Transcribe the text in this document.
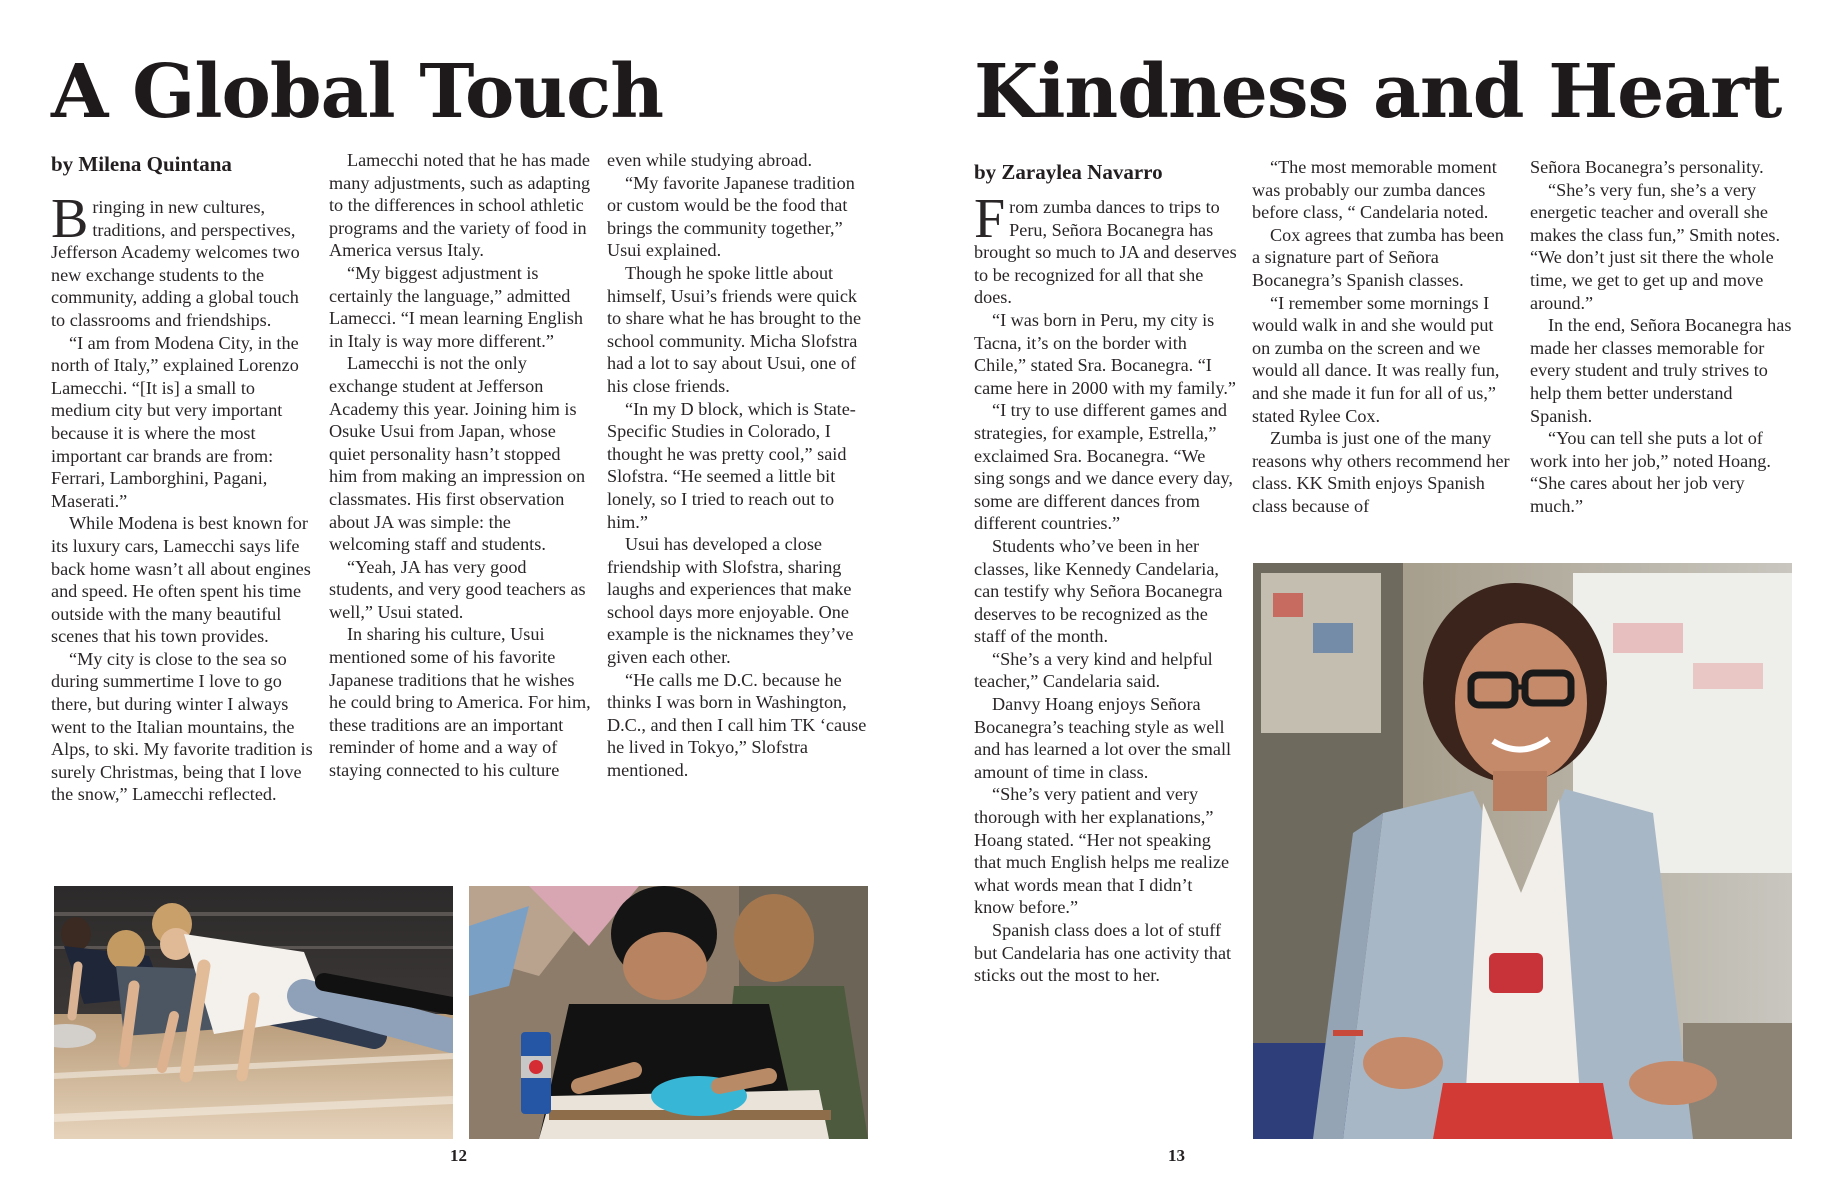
A Global Touch

by Milena Quintana

Bringing in new cultures, traditions, and perspectives, Jefferson Academy welcomes two new exchange students to the community, adding a global touch to classrooms and friendships.

“I am from Modena City, in the north of Italy,” explained Lorenzo Lamecchi. “[It is] a small to medium city but very important because it is where the most important car brands are from: Ferrari, Lamborghini, Pagani, Maserati.”

While Modena is best known for its luxury cars, Lamecchi says life back home wasn’t all about engines and speed. He often spent his time outside with the many beautiful scenes that his town provides.

“My city is close to the sea so during summertime I love to go there, but during winter I always went to the Italian mountains, the Alps, to ski. My favorite tradition is surely Christmas, being that I love the snow,” Lamecchi reflected.

Lamecchi noted that he has made many adjustments, such as adapting to the differences in school athletic programs and the variety of food in America versus Italy.

“My biggest adjustment is certainly the language,” admitted Lamecci. “I mean learning English in Italy is way more different.”

Lamecchi is not the only exchange student at Jefferson Academy this year. Joining him is Osuke Usui from Japan, whose quiet personality hasn’t stopped him from making an impression on classmates. His first observation about JA was simple: the welcoming staff and students.

“Yeah, JA has very good students, and very good teachers as well,” Usui stated.

In sharing his culture, Usui mentioned some of his favorite Japanese traditions that he wishes he could bring to America. For him, these traditions are an important reminder of home and a way of staying connected to his culture

even while studying abroad.

“My favorite Japanese tradition or custom would be the food that brings the community together,” Usui explained.

Though he spoke little about himself, Usui’s friends were quick to share what he has brought to the school community. Micha Slofstra had a lot to say about Usui, one of his close friends.

“In my D block, which is State-Specific Studies in Colorado, I thought he was pretty cool,” said Slofstra. “He seemed a little bit lonely, so I tried to reach out to him.”

Usui has developed a close friendship with Slofstra, sharing laughs and experiences that make school days more enjoyable. One example is the nicknames they’ve given each other.

“He calls me D.C. because he thinks I was born in Washington, D.C., and then I call him TK ‘cause he lived in Tokyo,” Slofstra mentioned.

12

Kindness and Heart

by Zaraylea Navarro

From zumba dances to trips to Peru, Señora Bocanegra has brought so much to JA and deserves to be recognized for all that she does.

“I was born in Peru, my city is Tacna, it’s on the border with Chile,” stated Sra. Bocanegra. “I came here in 2000 with my family.”

“I try to use different games and strategies, for example, Estrella,” exclaimed Sra. Bocanegra. “We sing songs and we dance every day, some are different dances from different countries.”

Students who’ve been in her classes, like Kennedy Candelaria, can testify why Señora Bocanegra deserves to be recognized as the staff of the month.

“She’s a very kind and helpful teacher,” Candelaria said.

Danvy Hoang enjoys Señora Bocanegra’s teaching style as well and has learned a lot over the small amount of time in class.

“She’s very patient and very thorough with her explanations,” Hoang stated. “Her not speaking that much English helps me realize what words mean that I didn’t know before.”

Spanish class does a lot of stuff but Candelaria has one activity that sticks out the most to her.

“The most memorable moment was probably our zumba dances before class, “ Candelaria noted.

Cox agrees that zumba has been a signature part of Señora Bocanegra’s Spanish classes.

“I remember some mornings I would walk in and she would put on zumba on the screen and we would all dance. It was really fun, and she made it fun for all of us,” stated Rylee Cox.

Zumba is just one of the many reasons why others recommend her class. KK Smith enjoys Spanish class because of

Señora Bocanegra’s personality.

“She’s very fun, she’s a very energetic teacher and overall she makes the class fun,” Smith notes. “We don’t just sit there the whole time, we get to get up and move around.”

In the end, Señora Bocanegra has made her classes memorable for every student and truly strives to help them better understand Spanish.

“You can tell she puts a lot of work into her job,” noted Hoang. “She cares about her job very much.”

13
